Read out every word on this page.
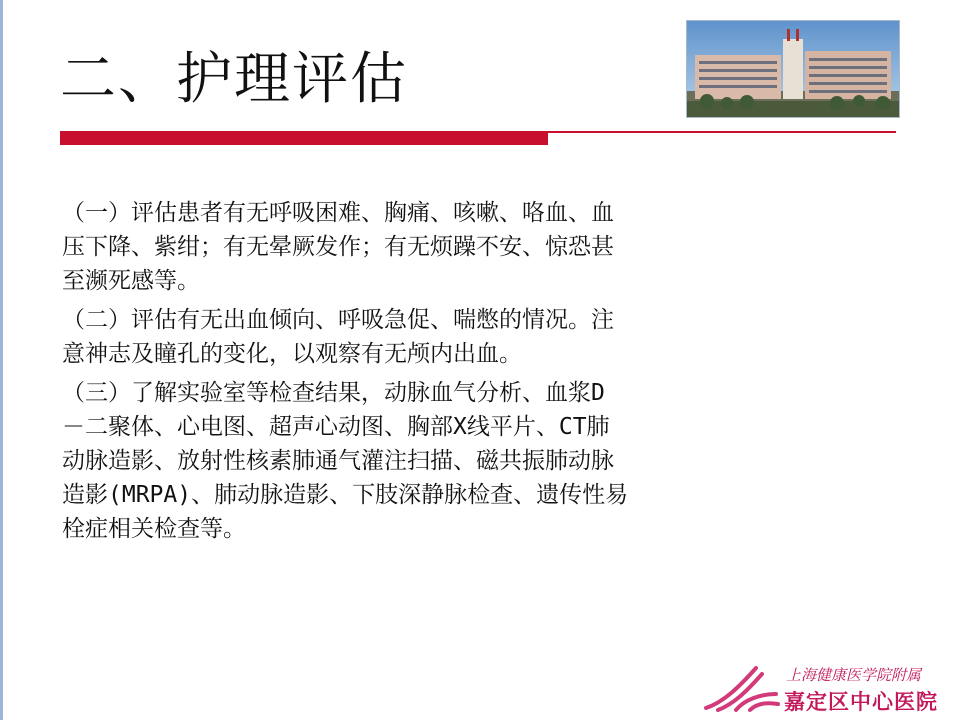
二、护理评估

（一）评估患者有无呼吸困难、胸痛、咳嗽、咯血、血
压下降、紫绀；有无晕厥发作；有无烦躁不安、惊恐甚
至濒死感等。

（二）评估有无出血倾向、呼吸急促、喘憋的情况。注
意神志及瞳孔的变化，以观察有无颅内出血。

（三）了解实验室等检查结果，动脉血气分析、血浆D
－二聚体、心电图、超声心动图、胸部X线平片、CT肺
动脉造影、放射性核素肺通气灌注扫描、磁共振肺动脉
造影(MRPA)、肺动脉造影、下肢深静脉检查、遗传性易
栓症相关检查等。

上海健康医学院附属
嘉定区中心医院
